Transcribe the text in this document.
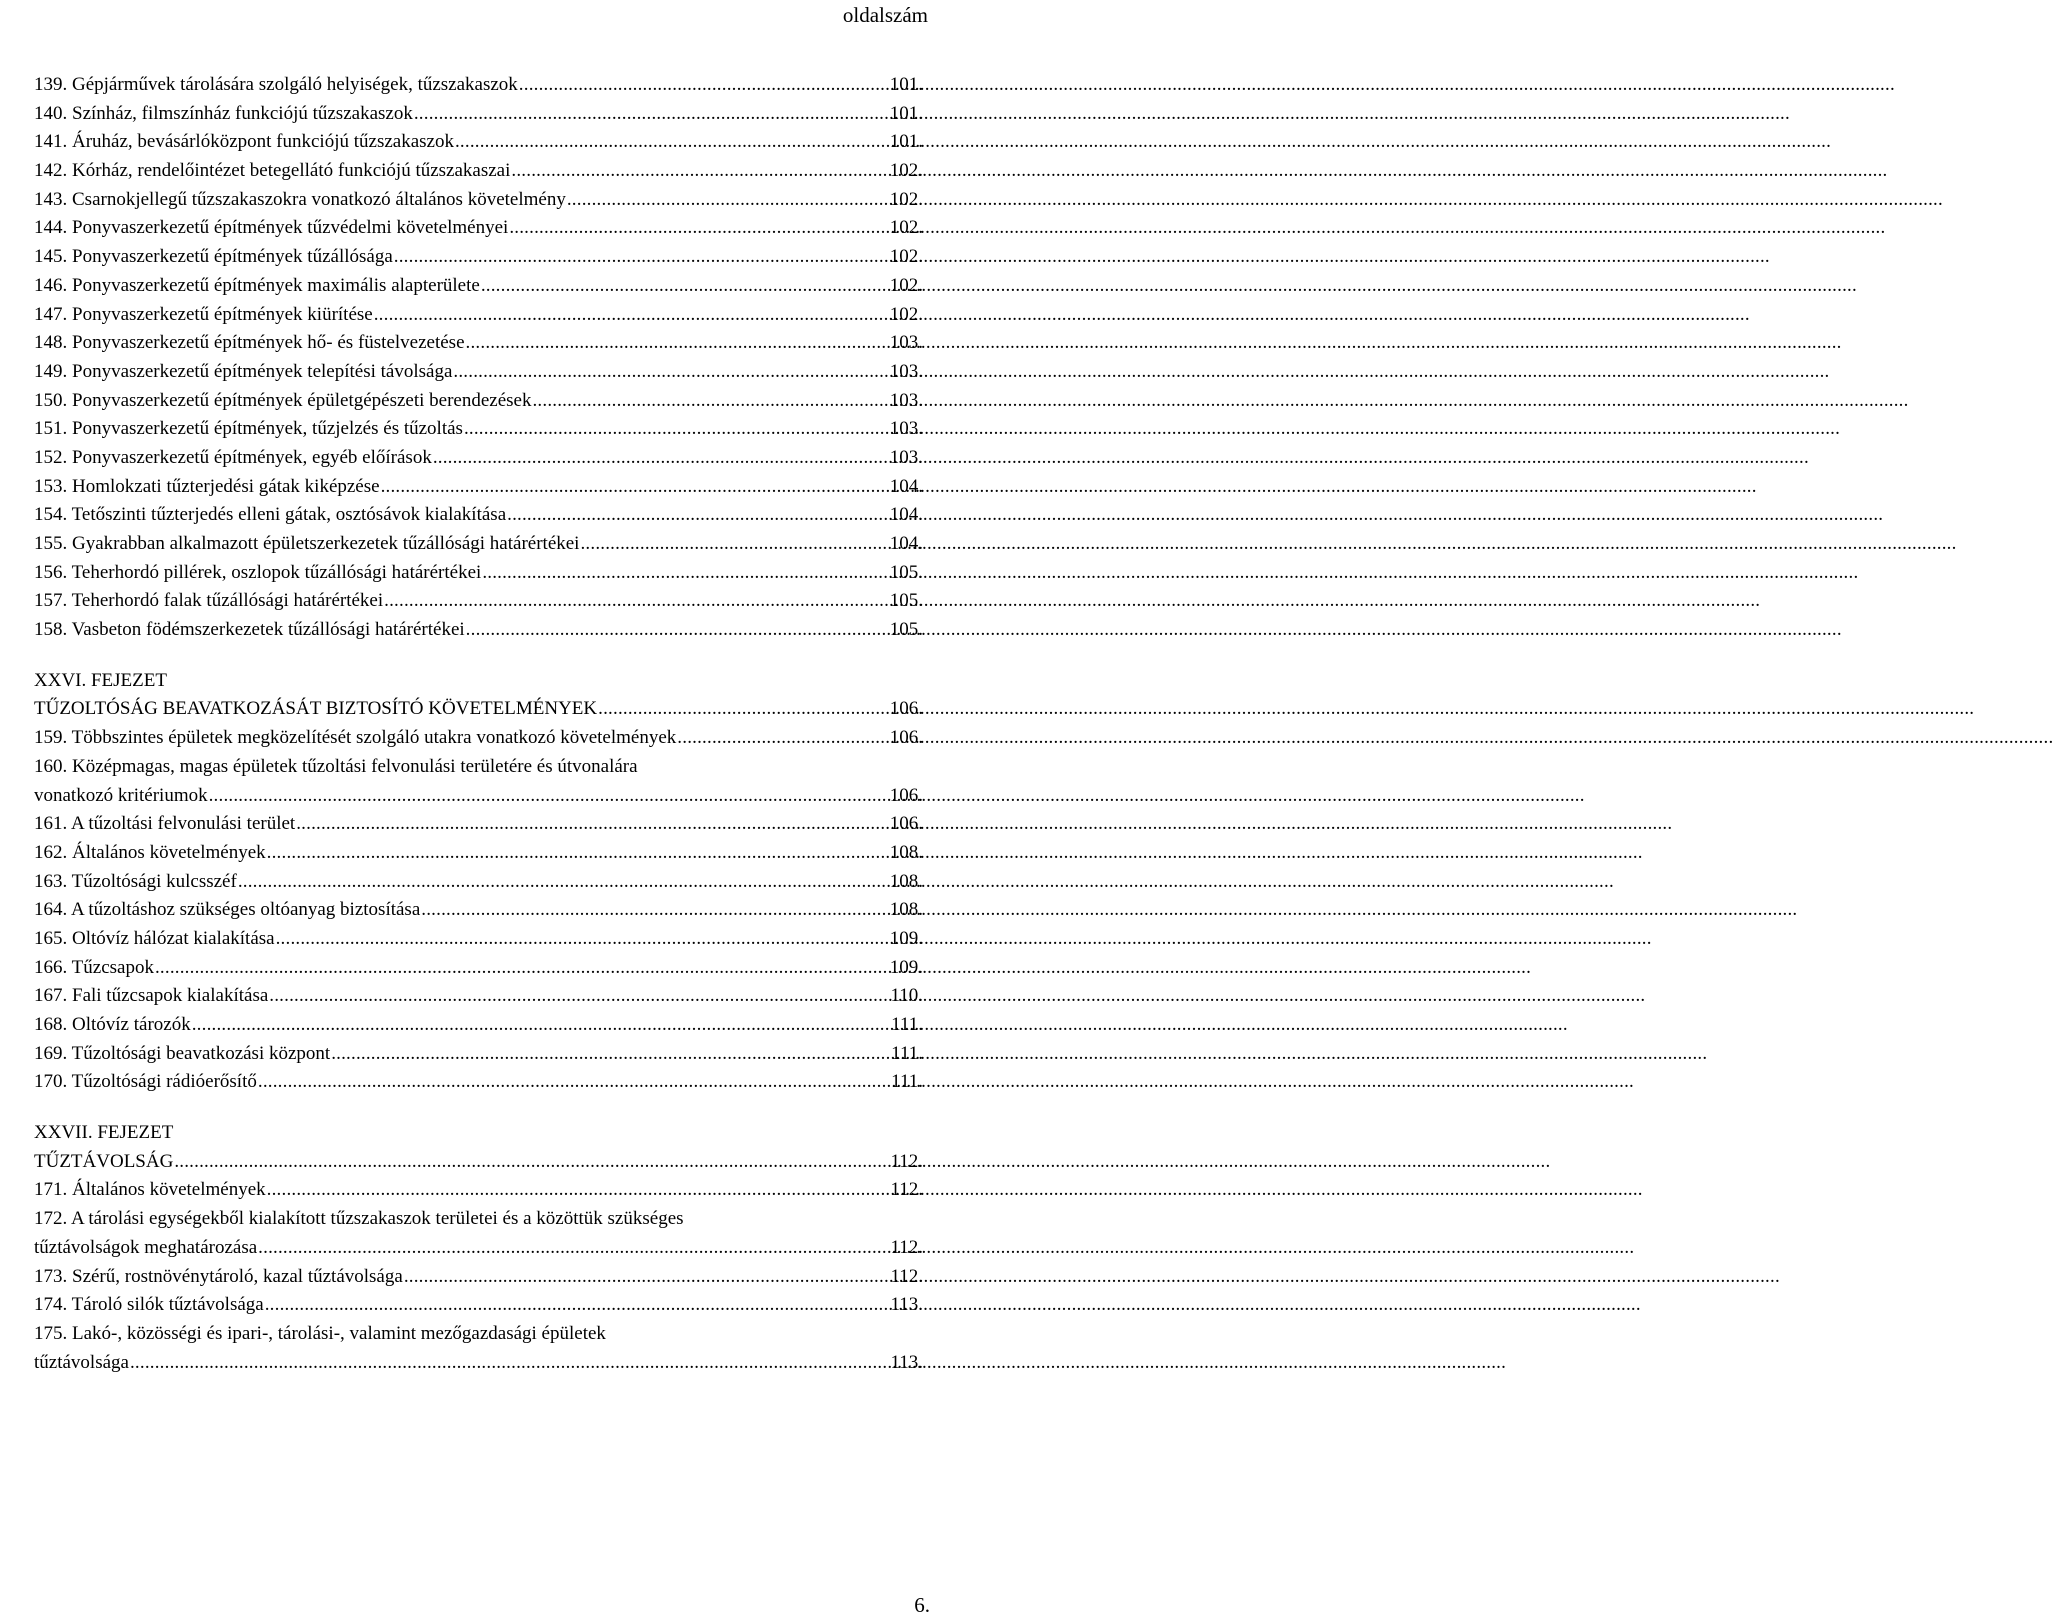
oldalszám
139. Gépjárművek tárolására szolgáló helyiségek, tűzszakaszok .....	101.
140. Színház, filmszínház funkciójú tűzszakaszok .....	101.
141. Áruház, bevásárlóközpont funkciójú tűzszakaszok .....	101.
142. Kórház, rendelőintézet betegellátó funkciójú tűzszakaszai .....	102.
143. Csarnokjellegű tűzszakaszokra vonatkozó általános követelmény .....	102.
144. Ponyvaszerkezetű építmények tűzvédelmi követelményei .....	102.
145. Ponyvaszerkezetű építmények tűzállósága .....	102.
146. Ponyvaszerkezetű építmények maximális alapterülete .....	102.
147. Ponyvaszerkezetű építmények kiürítése .....	102.
148. Ponyvaszerkezetű építmények hő- és füstelvezetése .....	103.
149. Ponyvaszerkezetű építmények telepítési távolsága .....	103.
150. Ponyvaszerkezetű építmények épületgépészeti berendezések .....	103.
151. Ponyvaszerkezetű építmények, tűzjelzés és tűzoltás .....	103.
152. Ponyvaszerkezetű építmények, egyéb előírások .....	103.
153. Homlokzati tűzterjedési gátak kiképzése .....	104.
154. Tetőszinti tűzterjedés elleni gátak, osztósávok kialakítása .....	104.
155. Gyakrabban alkalmazott épületszerkezetek tűzállósági határértékei .....	104.
156. Teherhordó pillérek, oszlopok tűzállósági határértékei .....	105.
157. Teherhordó falak tűzállósági határértékei .....	105.
158. Vasbeton födémszerkezetek tűzállósági határértékei .....	105.
XXVI. FEJEZET
TŰZOLTÓSÁG BEAVATKOZÁSÁT BIZTOSÍTÓ KÖVETELMÉNYEK .....	106.
159. Többszintes épületek megközelítését szolgáló utakra vonatkozó követelmények .....	106.
160. Középmagas, magas épületek tűzoltási felvonulási területére és útvonalára
vonatkozó kritériumok .....	106.
161. A tűzoltási felvonulási terület .....	106.
162. Általános követelmények .....	108.
163. Tűzoltósági kulcsszéf .....	108.
164. A tűzoltáshoz szükséges oltóanyag biztosítása .....	108.
165. Oltóvíz hálózat kialakítása .....	109.
166. Tűzcsapok .....	109.
167. Fali tűzcsapok kialakítása .....	110.
168. Oltóvíz tározók .....	111.
169. Tűzoltósági beavatkozási központ .....	111.
170. Tűzoltósági rádióerősítő .....	111.
XXVII. FEJEZET
TŰZTÁVOLSÁG .....	112.
171. Általános követelmények .....	112.
172. A tárolási egységekből kialakított tűzszakaszok területei és a közöttük szükséges
tűztávolságok meghatározása .....	112.
173. Szérű, rostnövénytároló, kazal tűztávolsága .....	112.
174. Tároló silók tűztávolsága .....	113.
175. Lakó-, közösségi és ipari-, tárolási-, valamint mezőgazdasági épületek
tűztávolsága .....	113.
6.
